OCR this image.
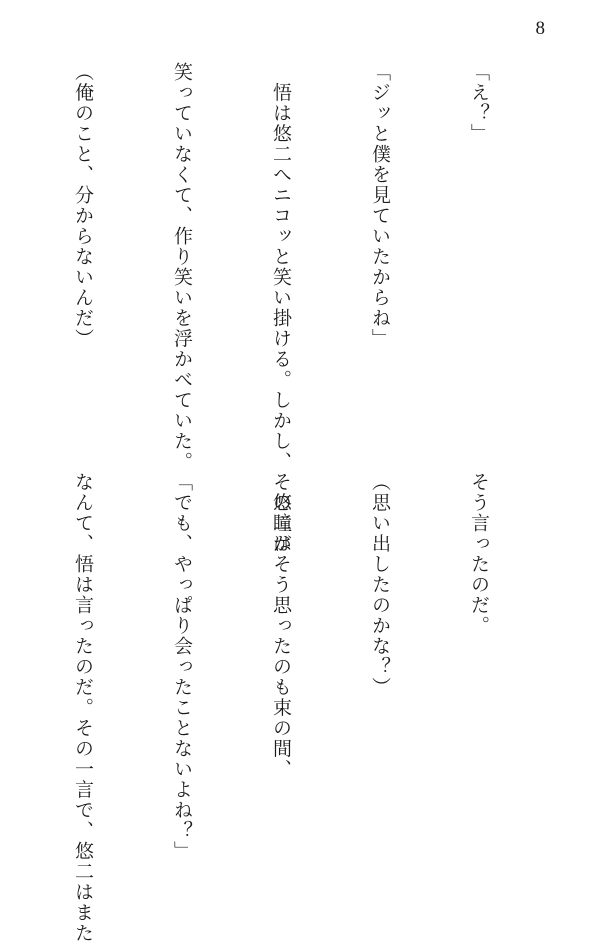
8

「え？」

「ジッと僕を見ていたからね」

　悟は悠二へニコッと笑い掛ける。しかし、その瞳は

笑っていなくて、作り笑いを浮かべていた。

（俺のこと、分からないんだ）

そう言ったのだ。

（思い出したのかな？）

　悠二がそう思ったのも束の間、

「でも、やっぱり会ったことないよね？」

なんて、悟は言ったのだ。その一言で、悠二はまた
